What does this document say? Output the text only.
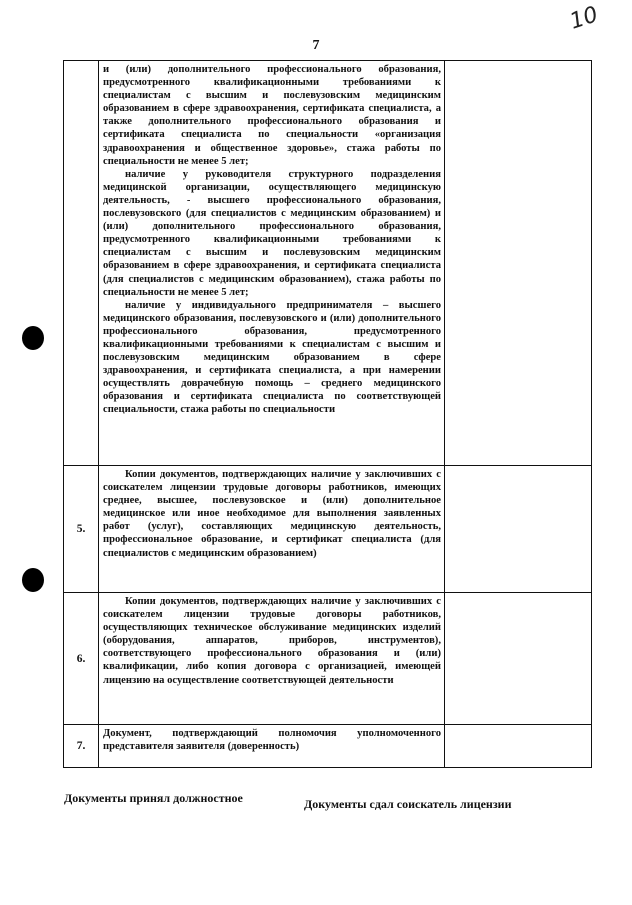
7
10

	и (или) дополнительного профессионального образования, предусмотренного квалификационными требованиями к специалистам с высшим и послевузовским медицинским образованием в сфере здравоохранения, сертификата специалиста, а также дополнительного профессионального образования и сертификата специалиста по специальности «организация здравоохранения и общественное здоровье», стажа работы по специальности не менее 5 лет;
наличие у руководителя структурного подразделения медицинской организации, осуществляющего медицинскую деятельность, - высшего профессионального образования, послевузовского (для специалистов с медицинским образованием) и (или) дополнительного профессионального образования, предусмотренного квалификационными требованиями к специалистам с высшим и послевузовским медицинским образованием в сфере здравоохранения, и сертификата специалиста (для специалистов с медицинским образованием), стажа работы по специальности не менее 5 лет;
наличие у индивидуального предпринимателя – высшего медицинского образования, послевузовского и (или) дополнительного профессионального образования, предусмотренного квалификационными требованиями к специалистам с высшим и послевузовским медицинским образованием в сфере здравоохранения, и сертификата специалиста, а при намерении осуществлять доврачебную помощь – среднего медицинского образования и сертификата специалиста по соответствующей специальности, стажа работы по специальности	

5.	Копии документов, подтверждающих наличие у заключивших с соискателем лицензии трудовые договоры работников, имеющих среднее, высшее, послевузовское и (или) дополнительное медицинское или иное необходимое для выполнения заявленных работ (услуг), составляющих медицинскую деятельность, профессиональное образование, и сертификат специалиста (для специалистов с медицинским образованием)	

6.	Копии документов, подтверждающих наличие у заключивших с соискателем лицензии трудовые договоры работников, осуществляющих техническое обслуживание медицинских изделий (оборудования, аппаратов, приборов, инструментов), соответствующего профессионального образования и (или) квалификации, либо копия договора с организацией, имеющей лицензию на осуществление соответствующей деятельности	

7.	Документ, подтверждающий полномочия уполномоченного представителя заявителя (доверенность)	

Документы принял должностное	Документы сдал соискатель лицензии
